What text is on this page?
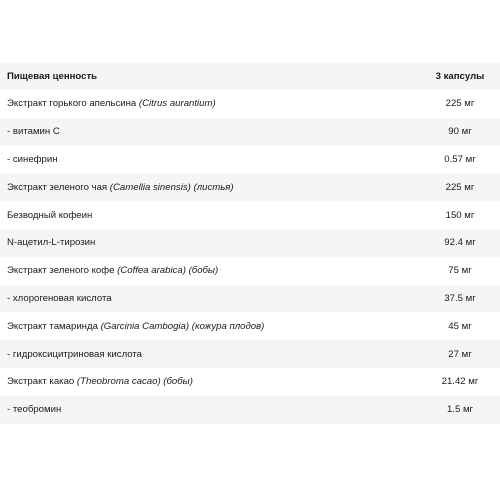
Пищевая ценность	3 капсулы
Экстракт горького апельсина (Citrus aurantium)	225 мг
- витамин С	90 мг
- синефрин	0.57 мг
Экстракт зеленого чая (Camellia sinensis) (листья)	225 мг
Безводный кофеин	150 мг
N-ацетил-L-тирозин	92.4 мг
Экстракт зеленого кофе (Coffea arabica) (бобы)	75 мг
- хлорогеновая кислота	37.5 мг
Экстракт тамаринда (Garcinia Cambogia) (кожура плодов)	45 мг
- гидроксицитриновая кислота	27 мг
Экстракт какао (Theobroma cacao) (бобы)	21.42 мг
- теобромин	1.5 мг
